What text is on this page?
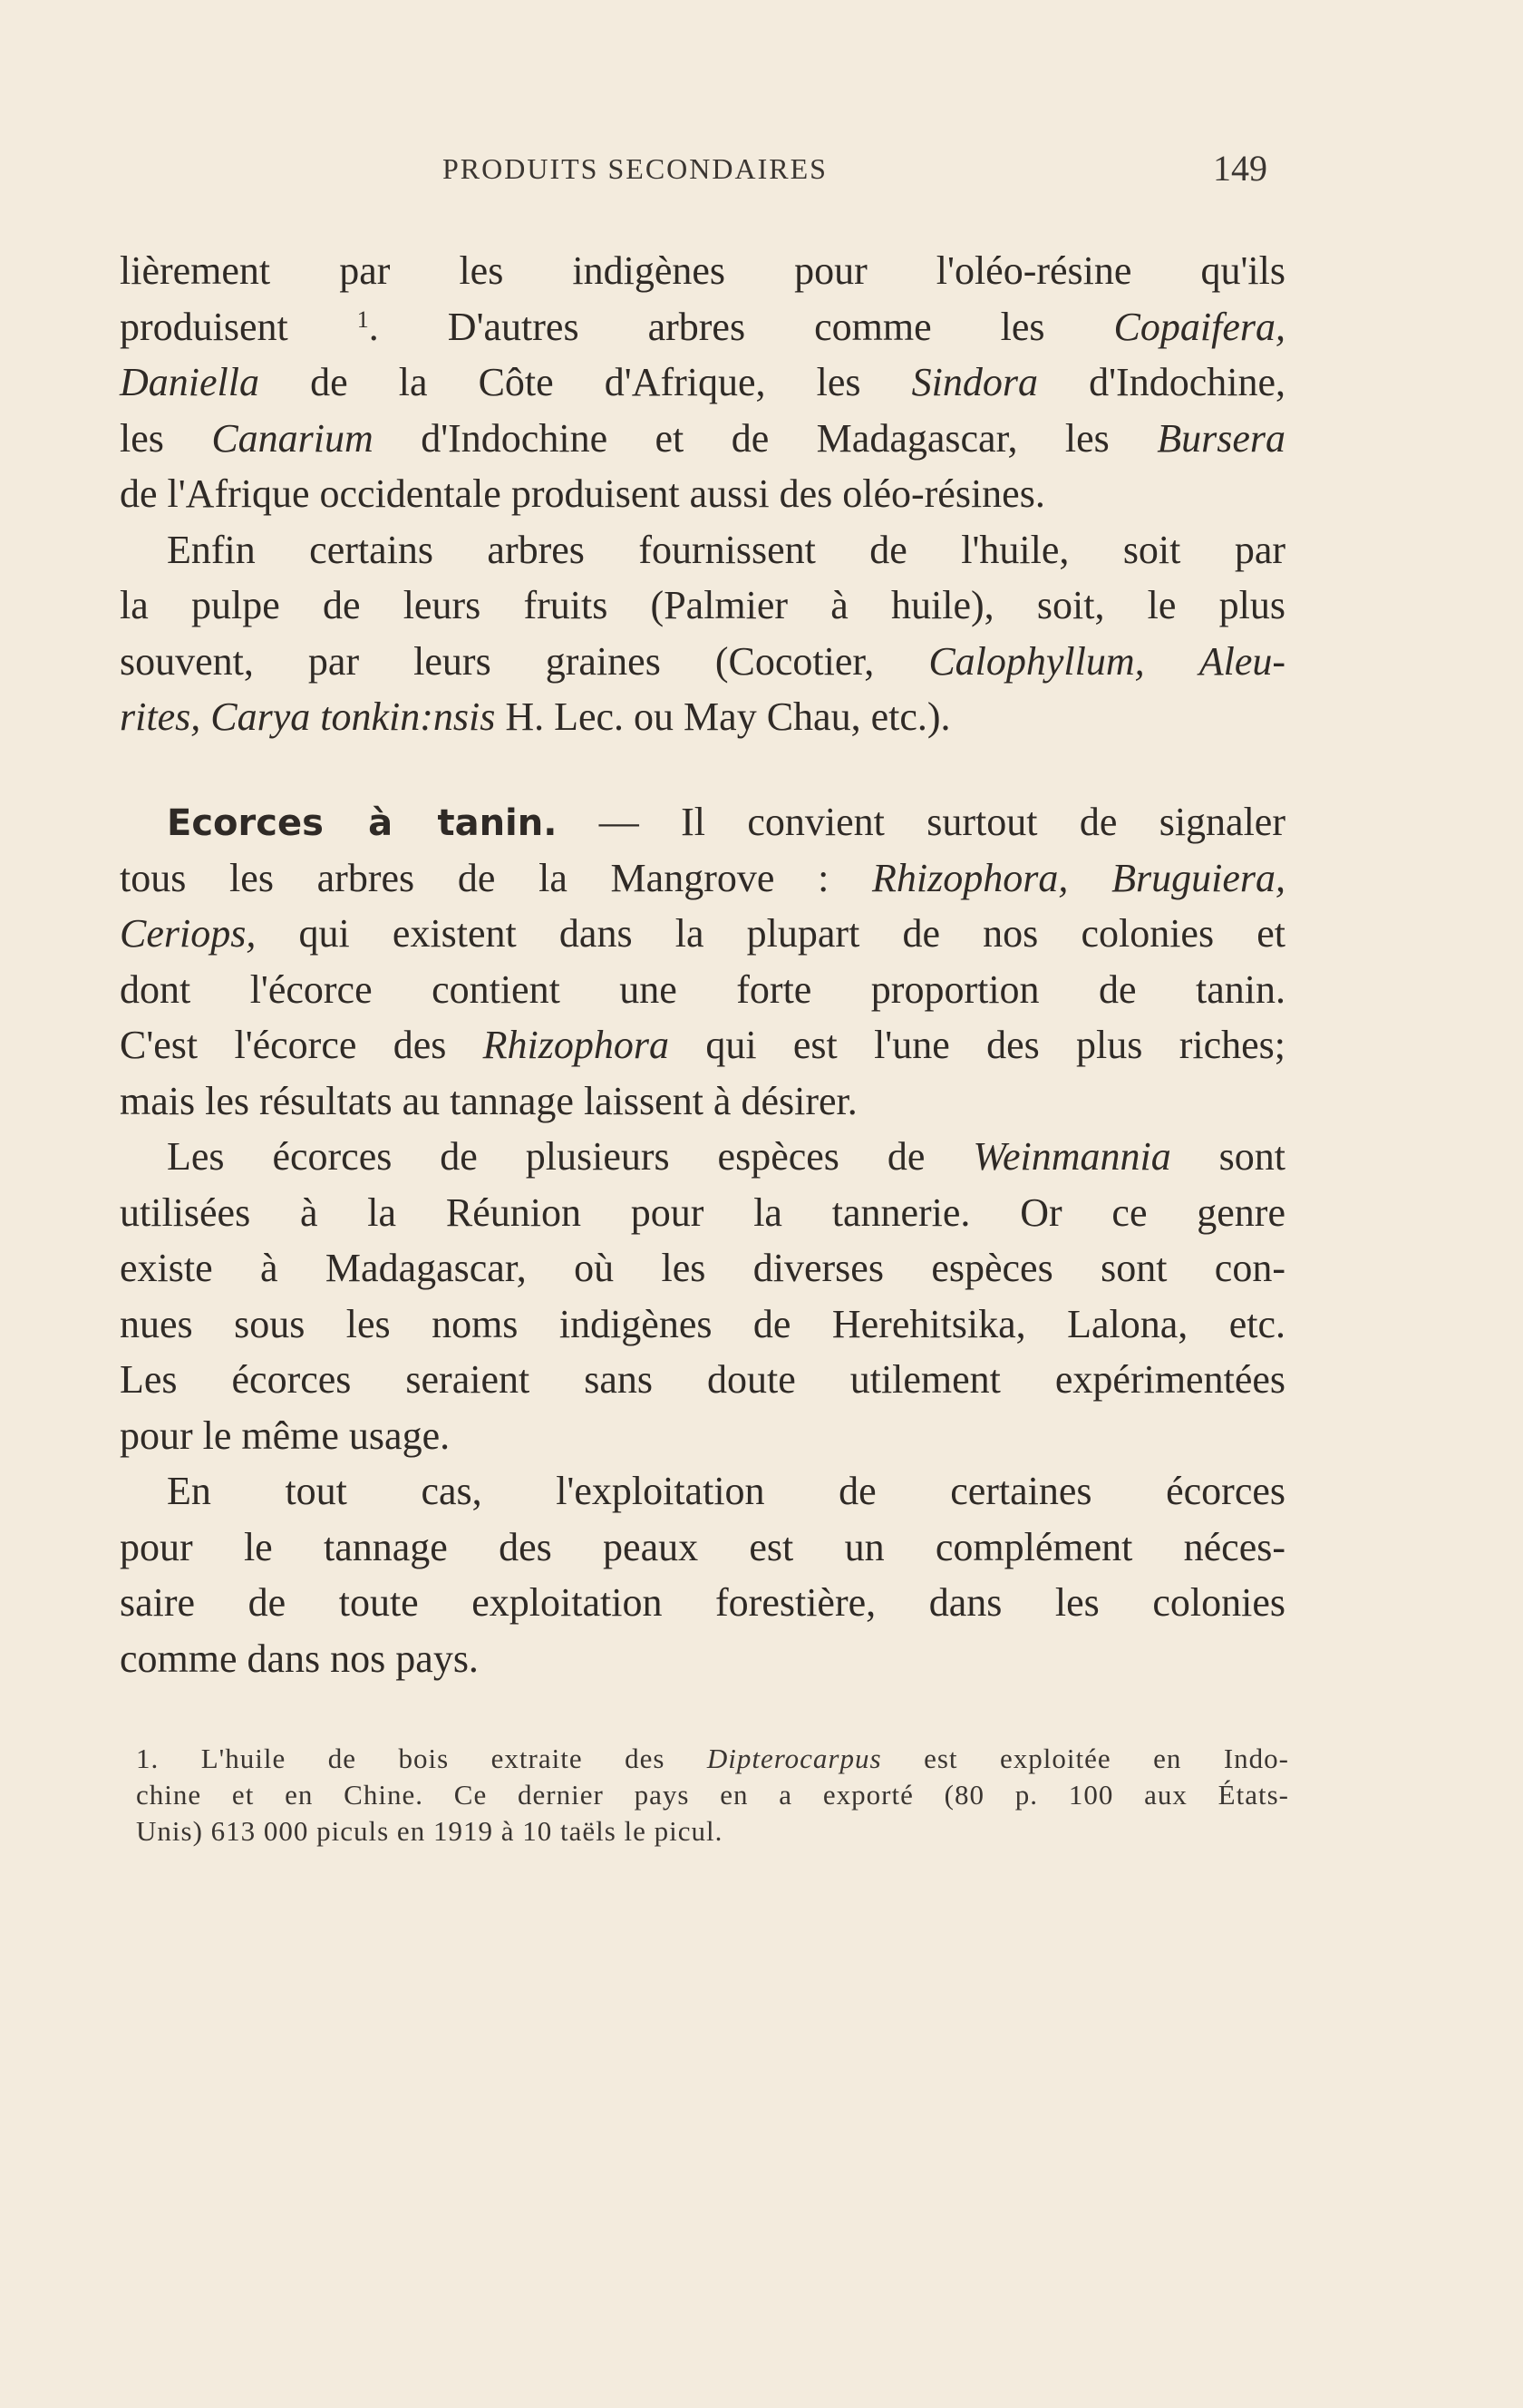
PRODUITS SECONDAIRES	149
lièrement par les indigènes pour l'oléo-résine qu'ils
produisent $^1$. D'autres arbres comme les Copaifera,
Daniella de la Côte d'Afrique, les Sindora d'Indochine,
les Canarium d'Indochine et de Madagascar, les Bursera
de l'Afrique occidentale produisent aussi des oléo-résines.
Enfin certains arbres fournissent de l'huile, soit par
la pulpe de leurs fruits (Palmier à huile), soit, le plus
souvent, par leurs graines (Cocotier, Calophyllum, Aleu-
rites, Carya tonkin:nsis H. Lec. ou May Chau, etc.).
Ecorces à tanin. — Il convient surtout de signaler
tous les arbres de la Mangrove : Rhizophora, Bruguiera,
Ceriops, qui existent dans la plupart de nos colonies et
dont l'écorce contient une forte proportion de tanin.
C'est l'écorce des Rhizophora qui est l'une des plus riches;
mais les résultats au tannage laissent à désirer.
Les écorces de plusieurs espèces de Weinmannia sont
utilisées à la Réunion pour la tannerie. Or ce genre
existe à Madagascar, où les diverses espèces sont con-
nues sous les noms indigènes de Herehitsika, Lalona, etc.
Les écorces seraient sans doute utilement expérimentées
pour le même usage.
En tout cas, l'exploitation de certaines écorces
pour le tannage des peaux est un complément néces-
saire de toute exploitation forestière, dans les colonies
comme dans nos pays.
1. L'huile de bois extraite des Dipterocarpus est exploitée en Indo-
chine et en Chine. Ce dernier pays en a exporté (80 p. 100 aux États-
Unis) 613 000 piculs en 1919 à 10 taëls le picul.
